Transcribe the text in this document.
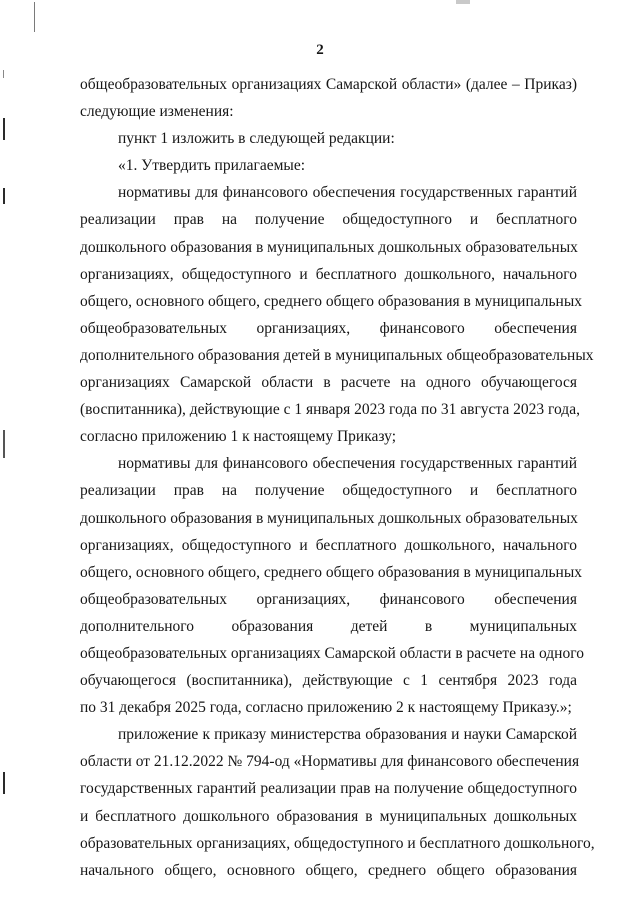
2
общеобразовательных организациях Самарской области» (далее – Приказ)
следующие изменения:
пункт 1 изложить в следующей редакции:
«1. Утвердить прилагаемые:
нормативы для финансового обеспечения государственных гарантий
реализации прав на получение общедоступного и бесплатного
дошкольного образования в муниципальных дошкольных образовательных
организациях, общедоступного и бесплатного дошкольного, начального
общего, основного общего, среднего общего образования в муниципальных
общеобразовательных организациях, финансового обеспечения
дополнительного образования детей в муниципальных общеобразовательных
организациях Самарской области в расчете на одного обучающегося
(воспитанника), действующие с 1 января 2023 года по 31 августа 2023 года,
согласно приложению 1 к настоящему Приказу;
нормативы для финансового обеспечения государственных гарантий
реализации прав на получение общедоступного и бесплатного
дошкольного образования в муниципальных дошкольных образовательных
организациях, общедоступного и бесплатного дошкольного, начального
общего, основного общего, среднего общего образования в муниципальных
общеобразовательных организациях, финансового обеспечения
дополнительного образования детей в муниципальных
общеобразовательных организациях Самарской области в расчете на одного
обучающегося (воспитанника), действующие с 1 сентября 2023 года
по 31 декабря 2025 года, согласно приложению 2 к настоящему Приказу.»;
приложение к приказу министерства образования и науки Самарской
области от 21.12.2022 № 794-од «Нормативы для финансового обеспечения
государственных гарантий реализации прав на получение общедоступного
и бесплатного дошкольного образования в муниципальных дошкольных
образовательных организациях, общедоступного и бесплатного дошкольного,
начального общего, основного общего, среднего общего образования
